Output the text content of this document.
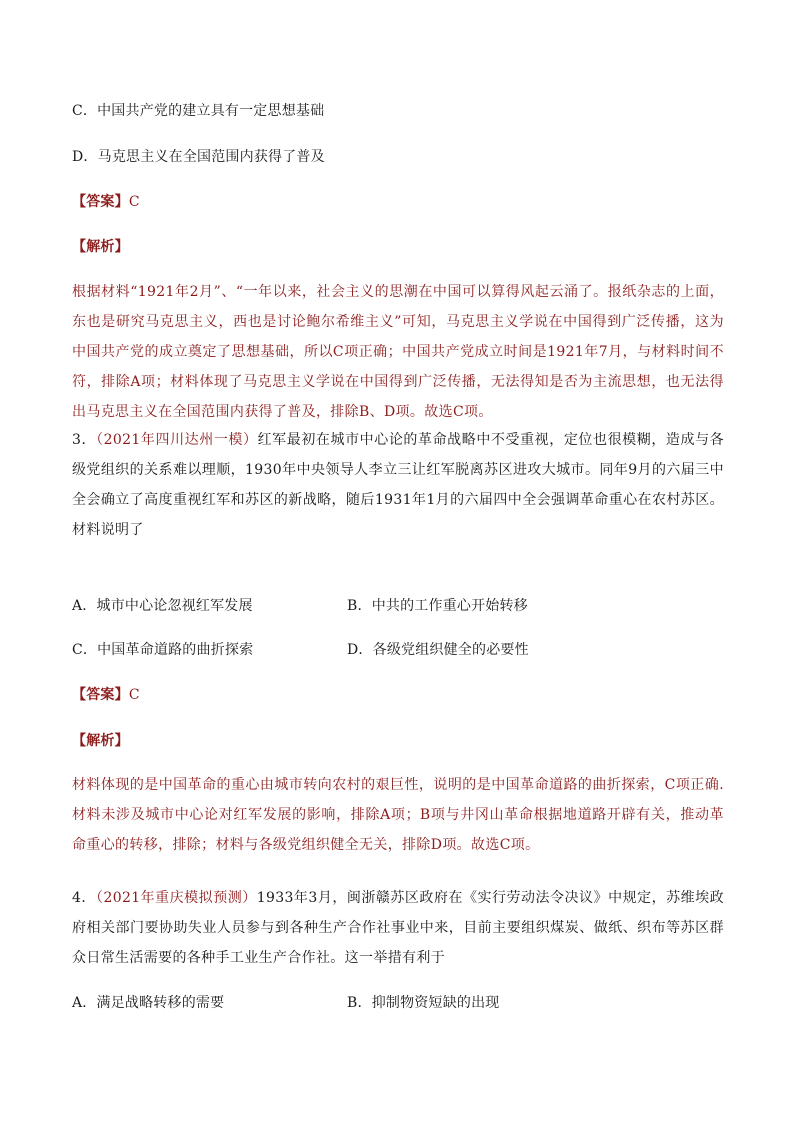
C．中国共产党的建立具有一定思想基础
D．马克思主义在全国范围内获得了普及
【答案】C
【解析】
根据材料“1921年2月”、“一年以来，社会主义的思潮在中国可以算得风起云涌了。报纸杂志的上面，东也是研究马克思主义，西也是讨论鲍尔希维主义”可知，马克思主义学说在中国得到广泛传播，这为中国共产党的成立奠定了思想基础，所以C项正确；中国共产党成立时间是1921年7月，与材料时间不符，排除A项；材料体现了马克思主义学说在中国得到广泛传播，无法得知是否为主流思想，也无法得出马克思主义在全国范围内获得了普及，排除B、D项。故选C项。
3．（2021年四川达州一模）红军最初在城市中心论的革命战略中不受重视，定位也很模糊，造成与各级党组织的关系难以理顺，1930年中央领导人李立三让红军脱离苏区进攻大城市。同年9月的六届三中全会确立了高度重视红军和苏区的新战略，随后1931年1月的六届四中全会强调革命重心在农村苏区。材料说明了
A．城市中心论忽视红军发展	B．中共的工作重心开始转移
C．中国革命道路的曲折探索	D．各级党组织健全的必要性
【答案】C
【解析】
材料体现的是中国革命的重心由城市转向农村的艰巨性，说明的是中国革命道路的曲折探索，C项正确.材料未涉及城市中心论对红军发展的影响，排除A项；B项与井冈山革命根据地道路开辟有关，推动革命重心的转移，排除；材料与各级党组织健全无关，排除D项。故选C项。
4．（2021年重庆模拟预测）1933年3月，闽浙赣苏区政府在《实行劳动法令决议》中规定，苏维埃政府相关部门要协助失业人员参与到各种生产合作社事业中来，目前主要组织煤炭、做纸、织布等苏区群众日常生活需要的各种手工业生产合作社。这一举措有利于
A．满足战略转移的需要	B．抑制物资短缺的出现
